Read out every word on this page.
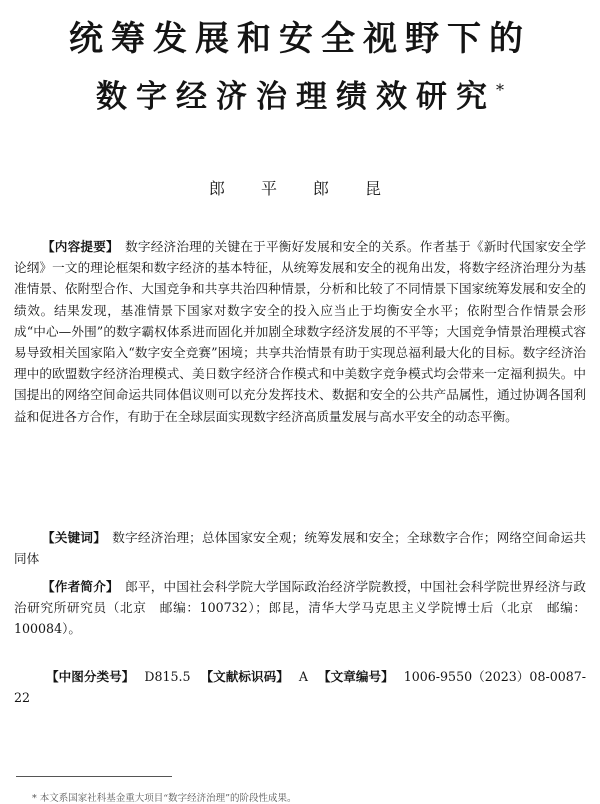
统筹发展和安全视野下的
数字经济治理绩效研究*
郎　平　郎　昆

【内容提要】 数字经济治理的关键在于平衡好发展和安全的关系。作者基于《新时代国家安全学论纲》一文的理论框架和数字经济的基本特征，从统筹发展和安全的视角出发，将数字经济治理分为基准情景、依附型合作、大国竞争和共享共治四种情景，分析和比较了不同情景下国家统筹发展和安全的绩效。结果发现，基准情景下国家对数字安全的投入应当止于均衡安全水平；依附型合作情景会形成“中心—外围”的数字霸权体系进而固化并加剧全球数字经济发展的不平等；大国竞争情景治理模式容易导致相关国家陷入“数字安全竞赛”困境；共享共治情景有助于实现总福利最大化的目标。数字经济治理中的欧盟数字经济治理模式、美日数字经济合作模式和中美数字竞争模式均会带来一定福利损失。中国提出的网络空间命运共同体倡议则可以充分发挥技术、数据和安全的公共产品属性，通过协调各国利益和促进各方合作，有助于在全球层面实现数字经济高质量发展与高水平安全的动态平衡。

【关键词】 数字经济治理；总体国家安全观；统筹发展和安全；全球数字合作；网络空间命运共同体

【作者简介】 郎平，中国社会科学院大学国际政治经济学院教授，中国社会科学院世界经济与政治研究所研究员（北京　邮编：100732）；郎昆，清华大学马克思主义学院博士后（北京　邮编：100084）。

【中图分类号】 D815.5 【文献标识码】 A 【文章编号】 1006-9550（2023）08-0087-22

* 本文系国家社科基金重大项目“数字经济治理”的阶段性成果。
